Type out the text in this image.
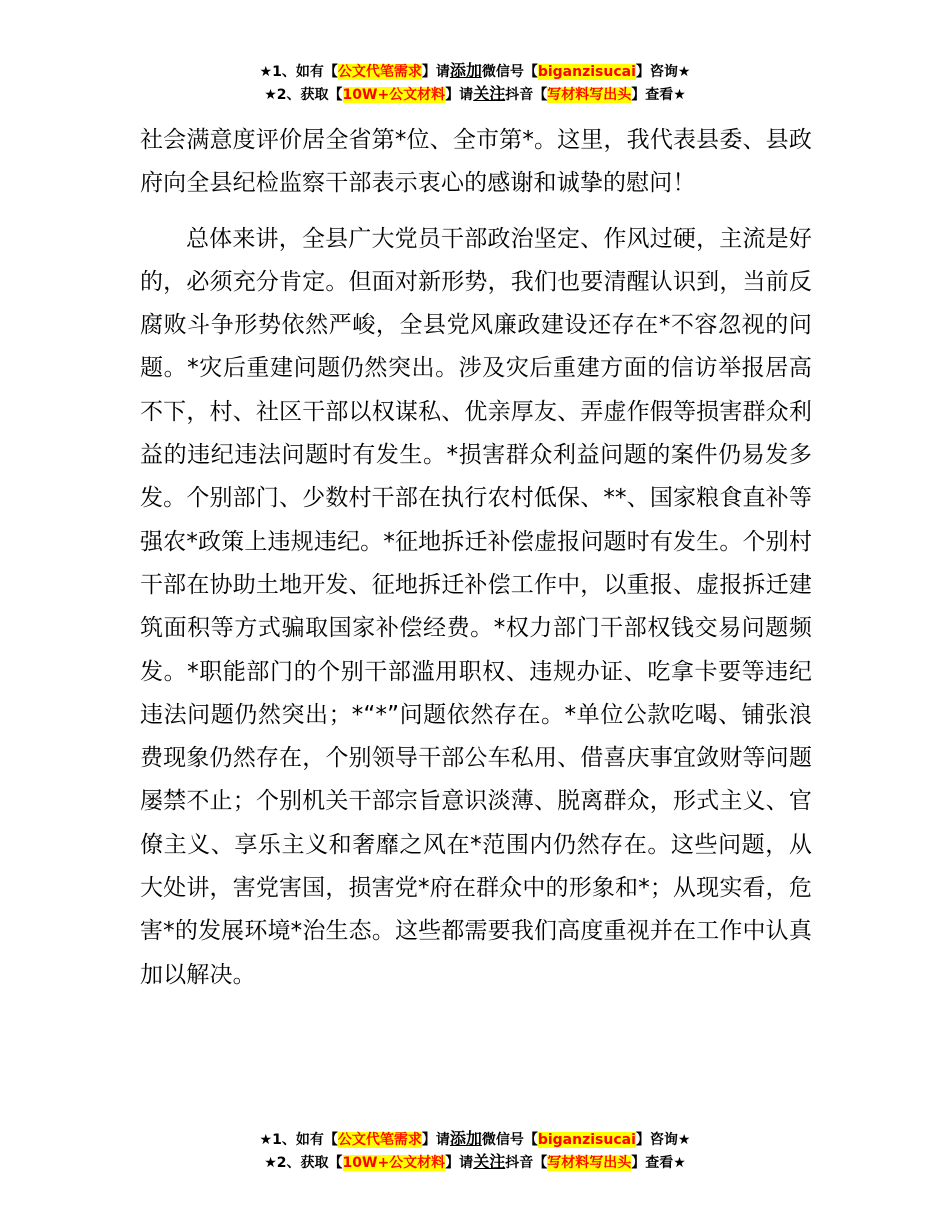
★1、如有【公文代笔需求】请添加微信号【biganzisucai】咨询★
★2、获取【10W+公文材料】请关注抖音【写材料写出头】查看★

社会满意度评价居全省第*位、全市第*。这里，我代表县委、县政府向全县纪检监察干部表示衷心的感谢和诚挚的慰问！

总体来讲，全县广大党员干部政治坚定、作风过硬，主流是好的，必须充分肯定。但面对新形势，我们也要清醒认识到，当前反腐败斗争形势依然严峻，全县党风廉政建设还存在*不容忽视的问题。*灾后重建问题仍然突出。涉及灾后重建方面的信访举报居高不下，村、社区干部以权谋私、优亲厚友、弄虚作假等损害群众利益的违纪违法问题时有发生。*损害群众利益问题的案件仍易发多发。个别部门、少数村干部在执行农村低保、**、国家粮食直补等强农*政策上违规违纪。*征地拆迁补偿虚报问题时有发生。个别村干部在协助土地开发、征地拆迁补偿工作中，以重报、虚报拆迁建筑面积等方式骗取国家补偿经费。*权力部门干部权钱交易问题频发。*职能部门的个别干部滥用职权、违规办证、吃拿卡要等违纪违法问题仍然突出；*“*”问题依然存在。*单位公款吃喝、铺张浪费现象仍然存在，个别领导干部公车私用、借喜庆事宜敛财等问题屡禁不止；个别机关干部宗旨意识淡薄、脱离群众，形式主义、官僚主义、享乐主义和奢靡之风在*范围内仍然存在。这些问题，从大处讲，害党害国，损害党*府在群众中的形象和*；从现实看，危害*的发展环境*治生态。这些都需要我们高度重视并在工作中认真加以解决。

★1、如有【公文代笔需求】请添加微信号【biganzisucai】咨询★
★2、获取【10W+公文材料】请关注抖音【写材料写出头】查看★
